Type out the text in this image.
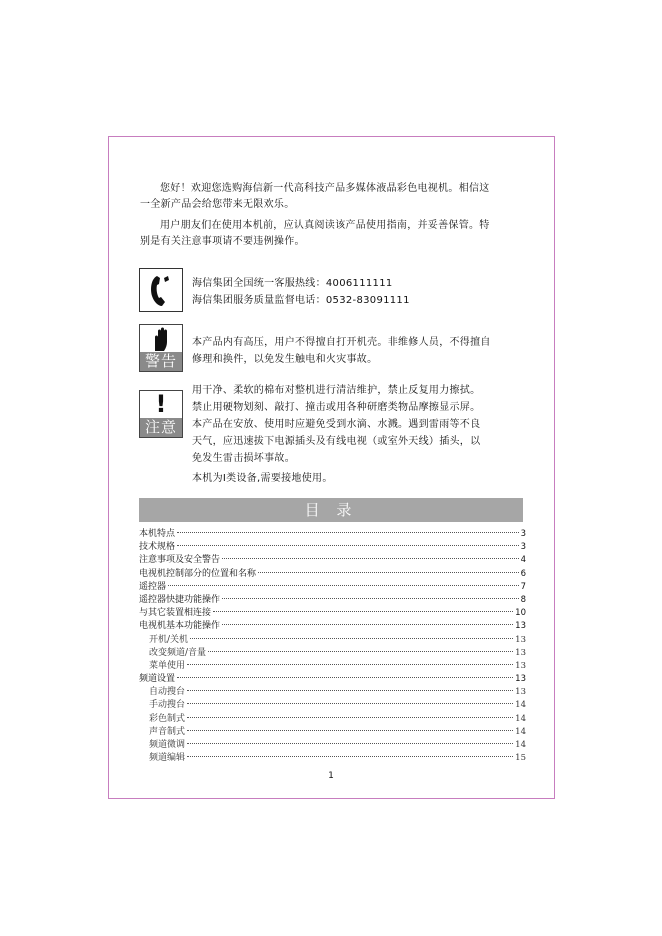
您好！欢迎您选购海信新一代高科技产品多媒体液晶彩色电视机。相信这

一全新产品会给您带来无限欢乐。

用户朋友们在使用本机前，应认真阅读该产品使用指南，并妥善保管。特

别是有关注意事项请不要违例操作。

海信集团全国统一客服热线：4006111111
海信集团服务质量监督电话：0532-83091111
警告
本产品内有高压，用户不得擅自打开机壳。非维修人员，不得擅自
修理和换件，以免发生触电和火灾事故。
!
注意
用干净、柔软的棉布对整机进行清洁维护，禁止反复用力擦拭。
禁止用硬物划刻、敲打、撞击或用各种研磨类物品摩擦显示屏。
本产品在安放、使用时应避免受到水滴、水溅。遇到雷雨等不良
天气，应迅速拔下电源插头及有线电视（或室外天线）插头，以
免发生雷击损坏事故。
本机为Ⅰ类设备,需要接地使用。
目 录
本机特点	3
技术规格	3
注意事项及安全警告	4
电视机控制部分的位置和名称	6
遥控器	7
遥控器快捷功能操作	8
与其它装置相连接	10
电视机基本功能操作	13
开机/关机	13
改变频道/音量	13
菜单使用	13
频道设置	13
自动搜台	13
手动搜台	14
彩色制式	14
声音制式	14
频道微调	14
频道编辑	15
1
